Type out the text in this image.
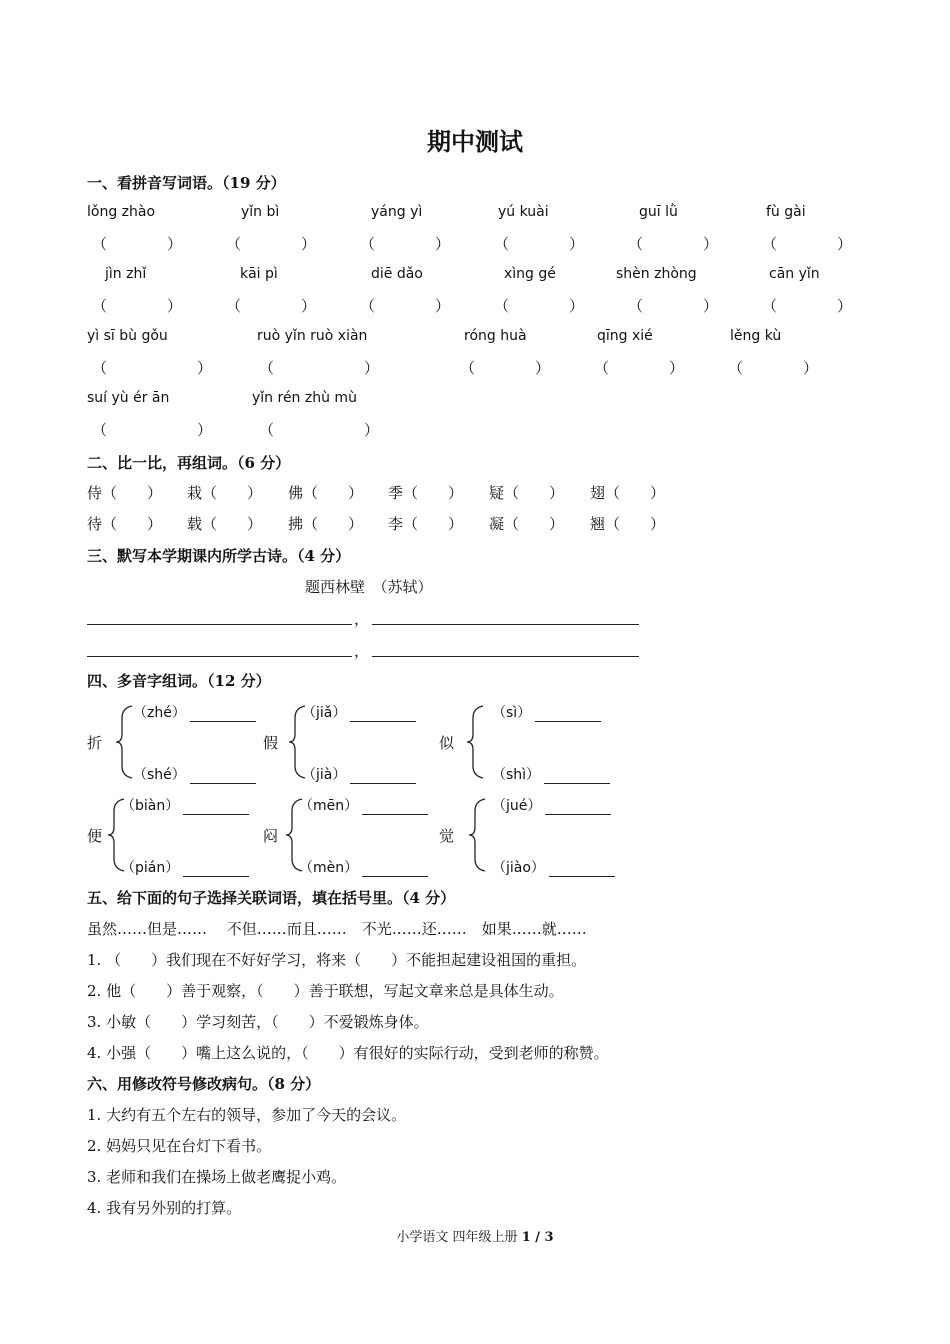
期中测试
一、看拼音写词语。（19 分）
lǒng zhào	yǐn bì	yáng yì	yú kuài	guī lǜ	fù gài
（　　　　）	（　　　　）	（　　　　）	（　　　　）	（　　　　）	（　　　　）
jìn zhǐ	kāi pì	diē dǎo	xìng gé	shèn zhòng	cān yǐn
（　　　　）	（　　　　）	（　　　　）	（　　　　）	（　　　　）	（　　　　）
yì sī bù gǒu	ruò yǐn ruò xiàn	róng huà	qīng xié	lěng kù
（　　　　　　）	（　　　　　　）	（　　　　）	（　　　　）	（　　　　）
suí yù ér ān	yǐn rén zhù mù
（　　　　　　）	（　　　　　　）
二、比一比，再组词。（6 分）
侍（　　） 栽（　　） 佛（　　） 季（　　） 疑（　　） 翅（　　）
待（　　） 载（　　） 拂（　　） 李（　　） 凝（　　） 翘（　　）
三、默写本学期课内所学古诗。（4 分）
题西林壁　（苏轼）
，
，
四、多音字组词。（12 分）
折
（zhé）
（shé）
假
（jiǎ）
（jià）
似
（sì）
（shì）
便
（biàn）
（pián）
闷
（mēn）
（mèn）
觉
（jué）
（jiào）
五、给下面的句子选择关联词语，填在括号里。（4 分）
虽然……但是……　 不但……而且……　不光……还……　如果……就……
1. （　　）我们现在不好好学习，将来（　　）不能担起建设祖国的重担。
2. 他（　　）善于观察，（　　）善于联想，写起文章来总是具体生动。
3. 小敏（　　）学习刻苦，（　　）不爱锻炼身体。
4. 小强（　　）嘴上这么说的，（　　）有很好的实际行动，受到老师的称赞。
六、用修改符号修改病句。（8 分）
1. 大约有五个左右的领导，参加了今天的会议。
2. 妈妈只见在台灯下看书。
3. 老师和我们在操场上做老鹰捉小鸡。
4. 我有另外别的打算。
小学语文 四年级上册 1 / 3
